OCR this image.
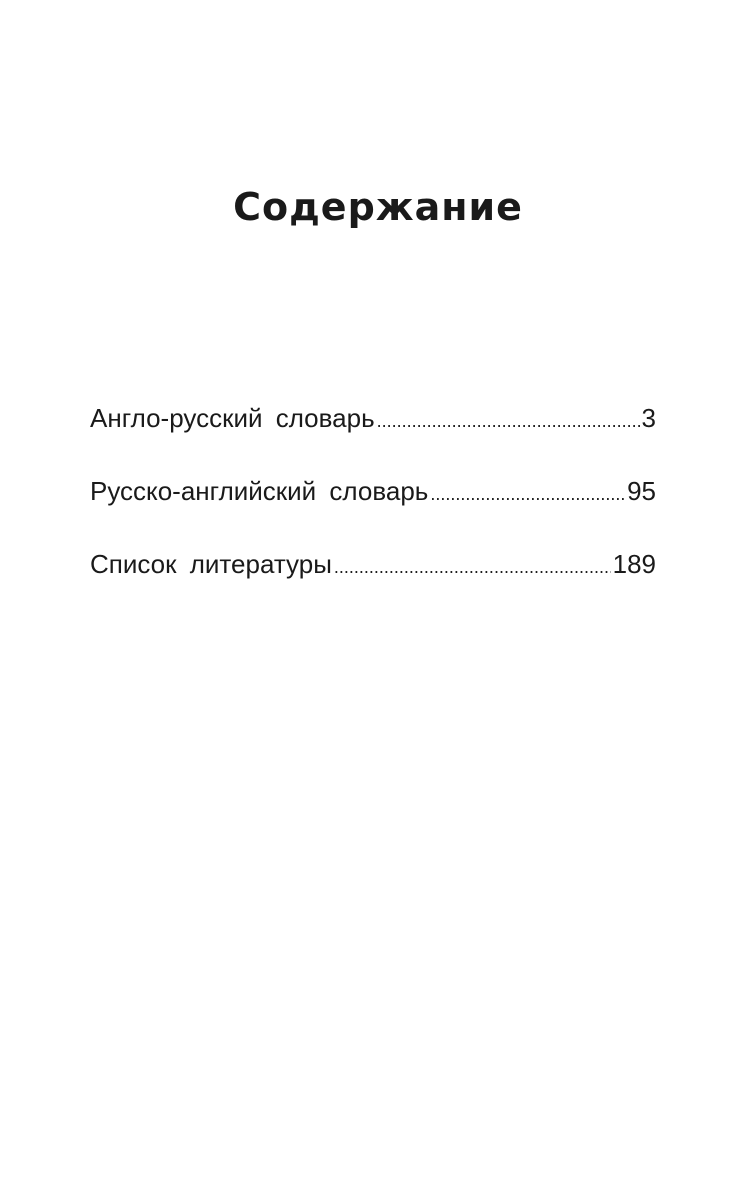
Содержание
Англо-русский словарь .....	3
Русско-английский словарь .....	95
Список литературы .....	189
